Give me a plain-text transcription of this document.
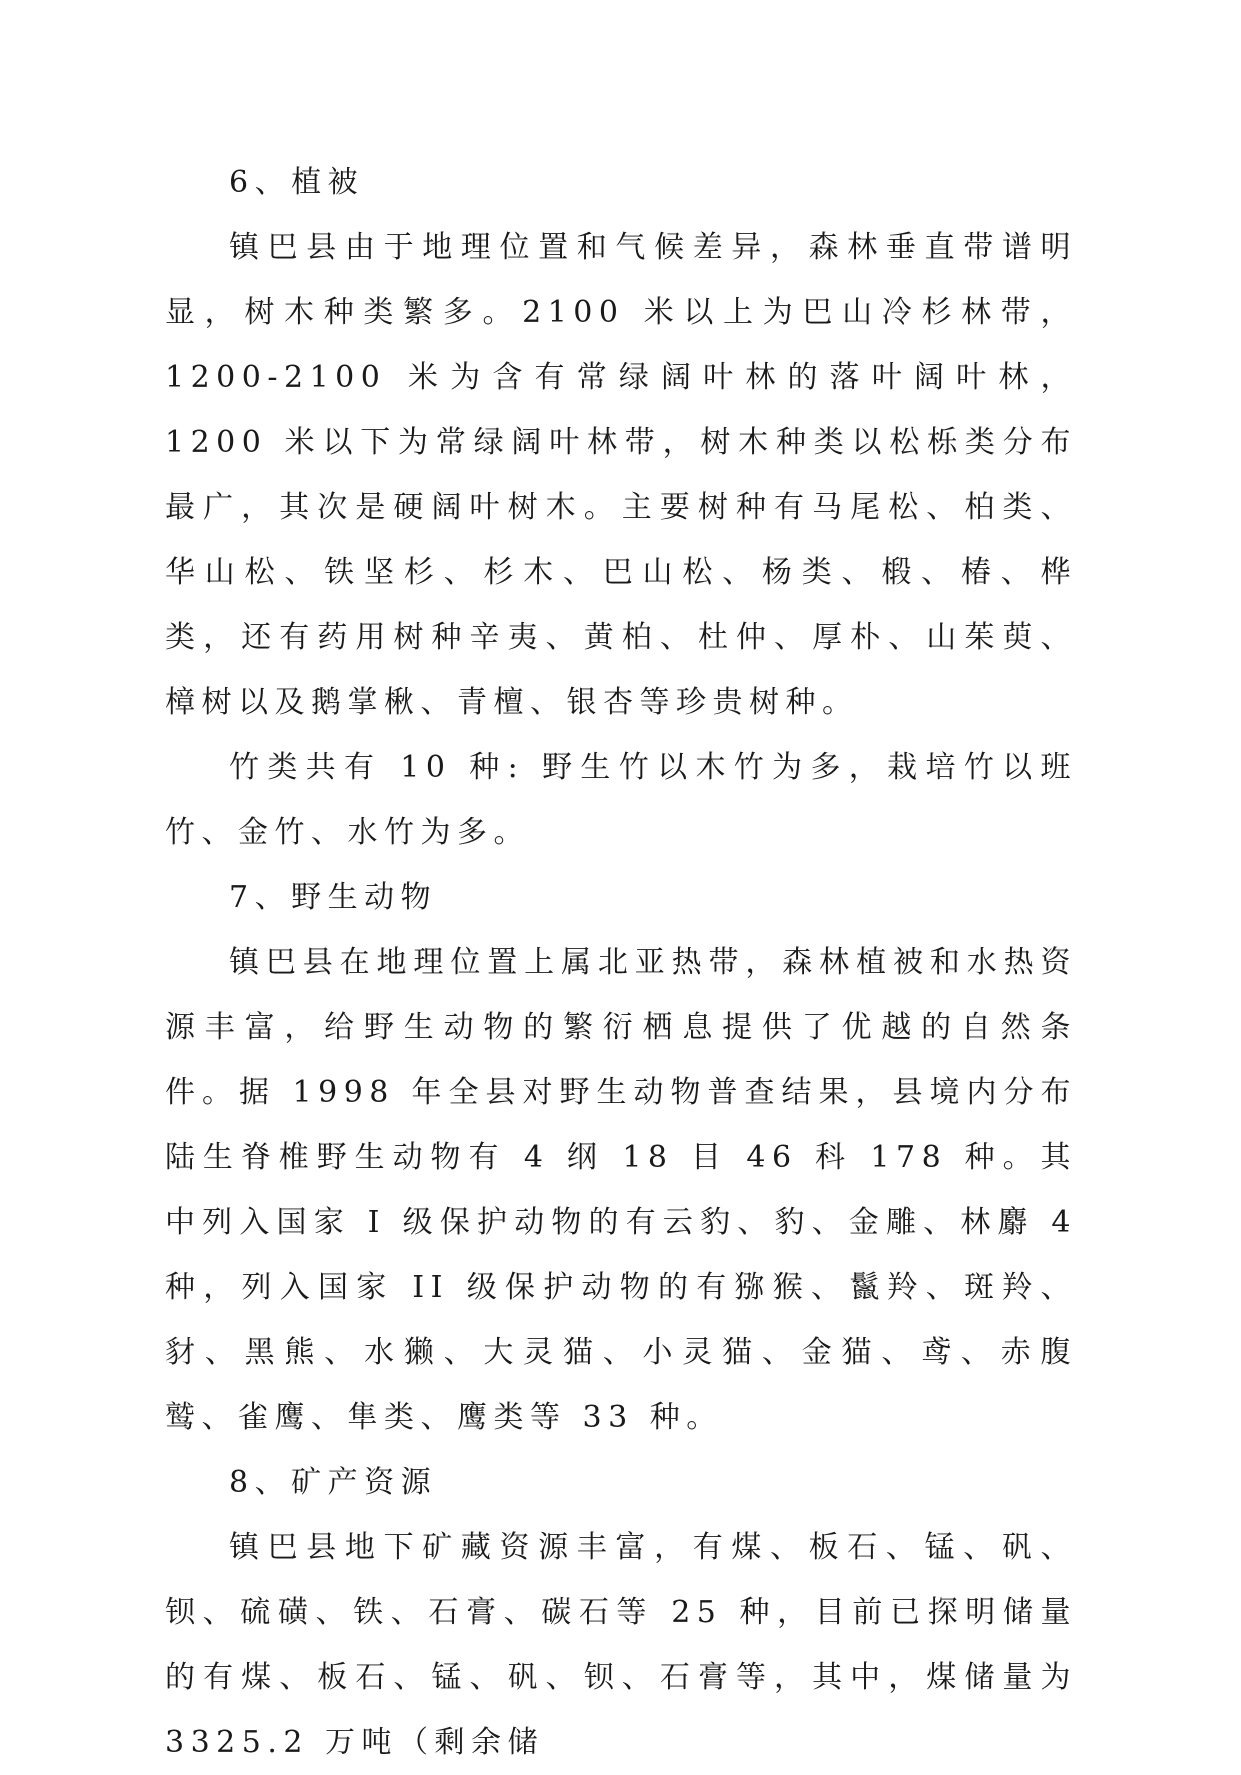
6、植被

镇巴县由于地理位置和气候差异，森林垂直带谱明显，树木种类繁多。2100 米以上为巴山冷杉林带，1200-2100 米为含有常绿阔叶林的落叶阔叶林，1200 米以下为常绿阔叶林带，树木种类以松栎类分布最广，其次是硬阔叶树木。主要树种有马尾松、柏类、华山松、铁坚杉、杉木、巴山松、杨类、椴、椿、桦类，还有药用树种辛夷、黄柏、杜仲、厚朴、山茱萸、樟树以及鹅掌楸、青檀、银杏等珍贵树种。

竹类共有 10 种: 野生竹以木竹为多，栽培竹以班竹、金竹、水竹为多。

7、野生动物

镇巴县在地理位置上属北亚热带，森林植被和水热资源丰富，给野生动物的繁衍栖息提供了优越的自然条件。据 1998 年全县对野生动物普查结果，县境内分布陆生脊椎野生动物有 4 纲 18 目 46 科 178 种。其中列入国家 I 级保护动物的有云豹、豹、金雕、林麝 4 种，列入国家 II 级保护动物的有猕猴、鬣羚、斑羚、豺、黑熊、水獭、大灵猫、小灵猫、金猫、鸢、赤腹鹫、雀鹰、隼类、鹰类等 33 种。

8、矿产资源

镇巴县地下矿藏资源丰富，有煤、板石、锰、矾、钡、硫磺、铁、石膏、碳石等 25 种，目前已探明储量的有煤、板石、锰、矾、钡、石膏等，其中，煤储量为 3325.2 万吨（剩余储
